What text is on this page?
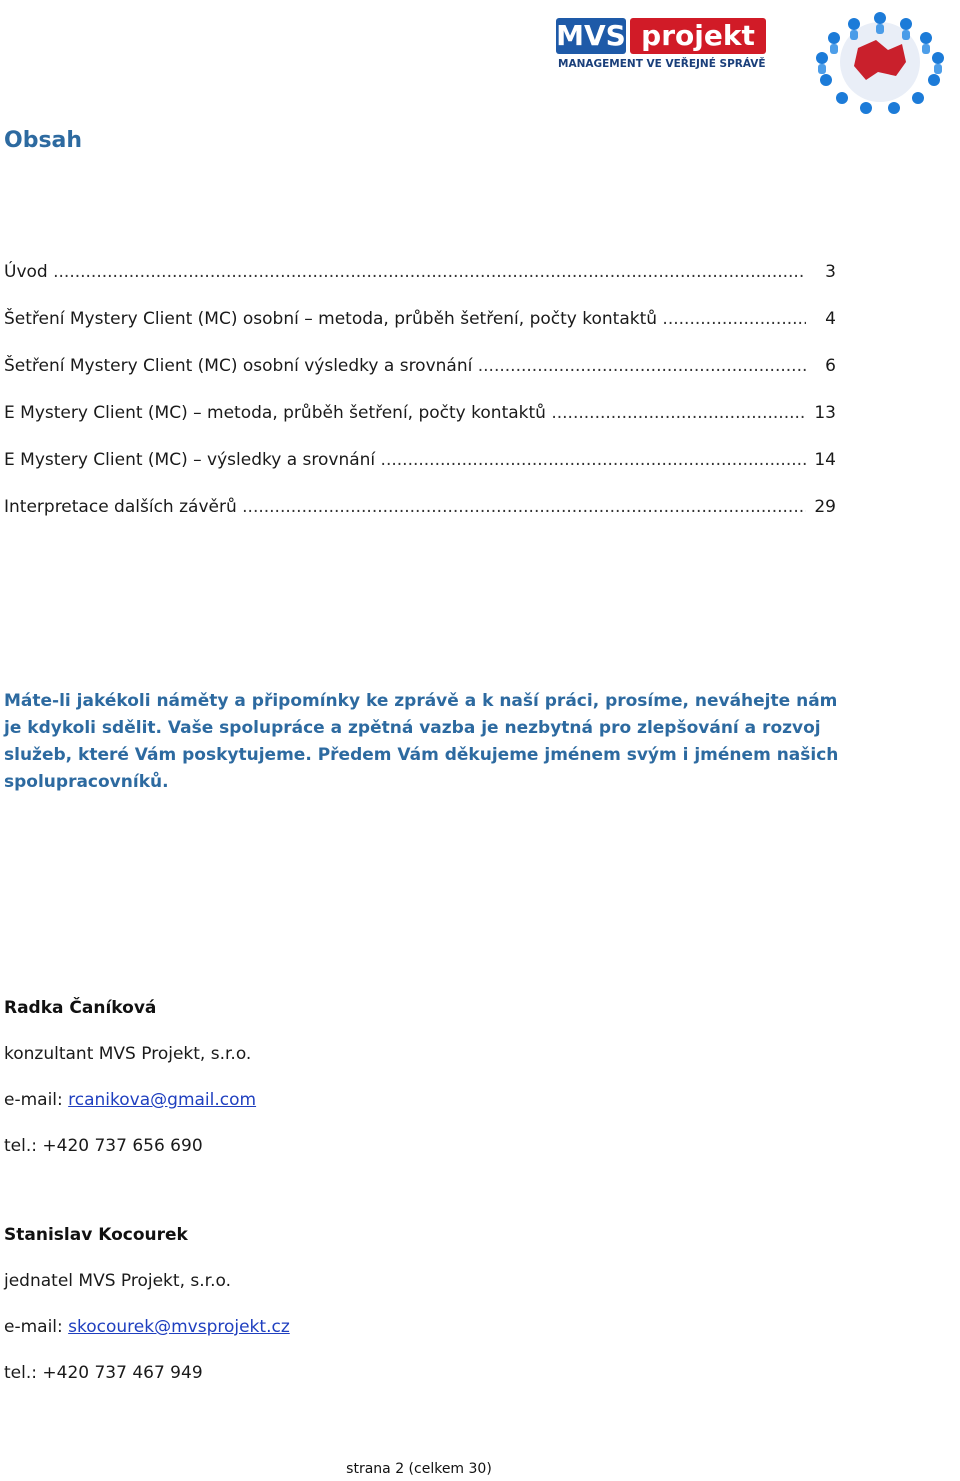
MVS projekt
MANAGEMENT VE VEŘEJNÉ SPRÁVĚ
Obsah
Úvod .....	3
Šetření Mystery Client (MC) osobní – metoda, průběh šetření, počty kontaktů .....	4
Šetření Mystery Client (MC) osobní výsledky a srovnání .....	6
E Mystery Client (MC) – metoda, průběh šetření, počty kontaktů .....	13
E Mystery Client (MC) – výsledky a srovnání .....	14
Interpretace dalších závěrů .....	29

Máte-li jakékoli náměty a připomínky ke zprávě a k naší práci, prosíme, neváhejte nám je kdykoli sdělit. Vaše spolupráce a zpětná vazba je nezbytná pro zlepšování a rozvoj služeb, které Vám poskytujeme. Předem Vám děkujeme jménem svým i jménem našich spolupracovníků.

Radka Čaníková
konzultant MVS Projekt, s.r.o.
e-mail: rcanikova@gmail.com
tel.: +420 737 656 690
Stanislav Kocourek
jednatel MVS Projekt, s.r.o.
e-mail: skocourek@mvsprojekt.cz
tel.: +420 737 467 949
strana 2 (celkem 30)
